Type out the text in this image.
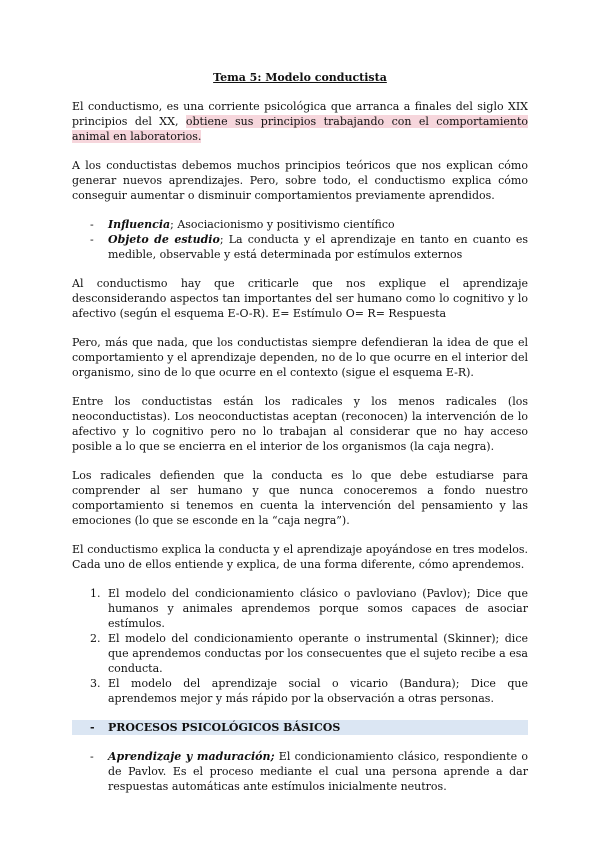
Tema 5: Modelo conductista

El conductismo, es una corriente psicológica que arranca a finales del siglo XIX principios del XX, obtiene sus principios trabajando con el comportamiento animal en laboratorios.

A los conductistas debemos muchos principios teóricos que nos explican cómo generar nuevos aprendizajes. Pero, sobre todo, el conductismo explica cómo conseguir aumentar o disminuir comportamientos previamente aprendidos.

- Influencia; Asociacionismo y positivismo científico
- Objeto de estudio; La conducta y el aprendizaje en tanto en cuanto es medible, observable y está determinada por estímulos externos

Al conductismo hay que criticarle que nos explique el aprendizaje desconsiderando aspectos tan importantes del ser humano como lo cognitivo y lo afectivo (según el esquema E-O-R). E= Estímulo O= R= Respuesta

Pero, más que nada, que los conductistas siempre defendieran la idea de que el comportamiento y el aprendizaje dependen, no de lo que ocurre en el interior del organismo, sino de lo que ocurre en el contexto (sigue el esquema E-R).

Entre los conductistas están los radicales y los menos radicales (los neoconductistas). Los neoconductistas aceptan (reconocen) la intervención de lo afectivo y lo cognitivo pero no lo trabajan al considerar que no hay acceso posible a lo que se encierra en el interior de los organismos (la caja negra).

Los radicales defienden que la conducta es lo que debe estudiarse para comprender al ser humano y que nunca conoceremos a fondo nuestro comportamiento si tenemos en cuenta la intervención del pensamiento y las emociones (lo que se esconde en la “caja negra”).

El conductismo explica la conducta y el aprendizaje apoyándose en tres modelos. Cada uno de ellos entiende y explica, de una forma diferente, cómo aprendemos.

1. El modelo del condicionamiento clásico o pavloviano (Pavlov); Dice que humanos y animales aprendemos porque somos capaces de asociar estímulos.
2. El modelo del condicionamiento operante o instrumental (Skinner); dice que aprendemos conductas por los consecuentes que el sujeto recibe a esa conducta.
3. El modelo del aprendizaje social o vicario (Bandura); Dice que aprendemos mejor y más rápido por la observación a otras personas.
-	PROCESOS PSICOLÓGICOS BÁSICOS
- Aprendizaje y maduración; El condicionamiento clásico, respondiente o de Pavlov. Es el proceso mediante el cual una persona aprende a dar respuestas automáticas ante estímulos inicialmente neutros.
